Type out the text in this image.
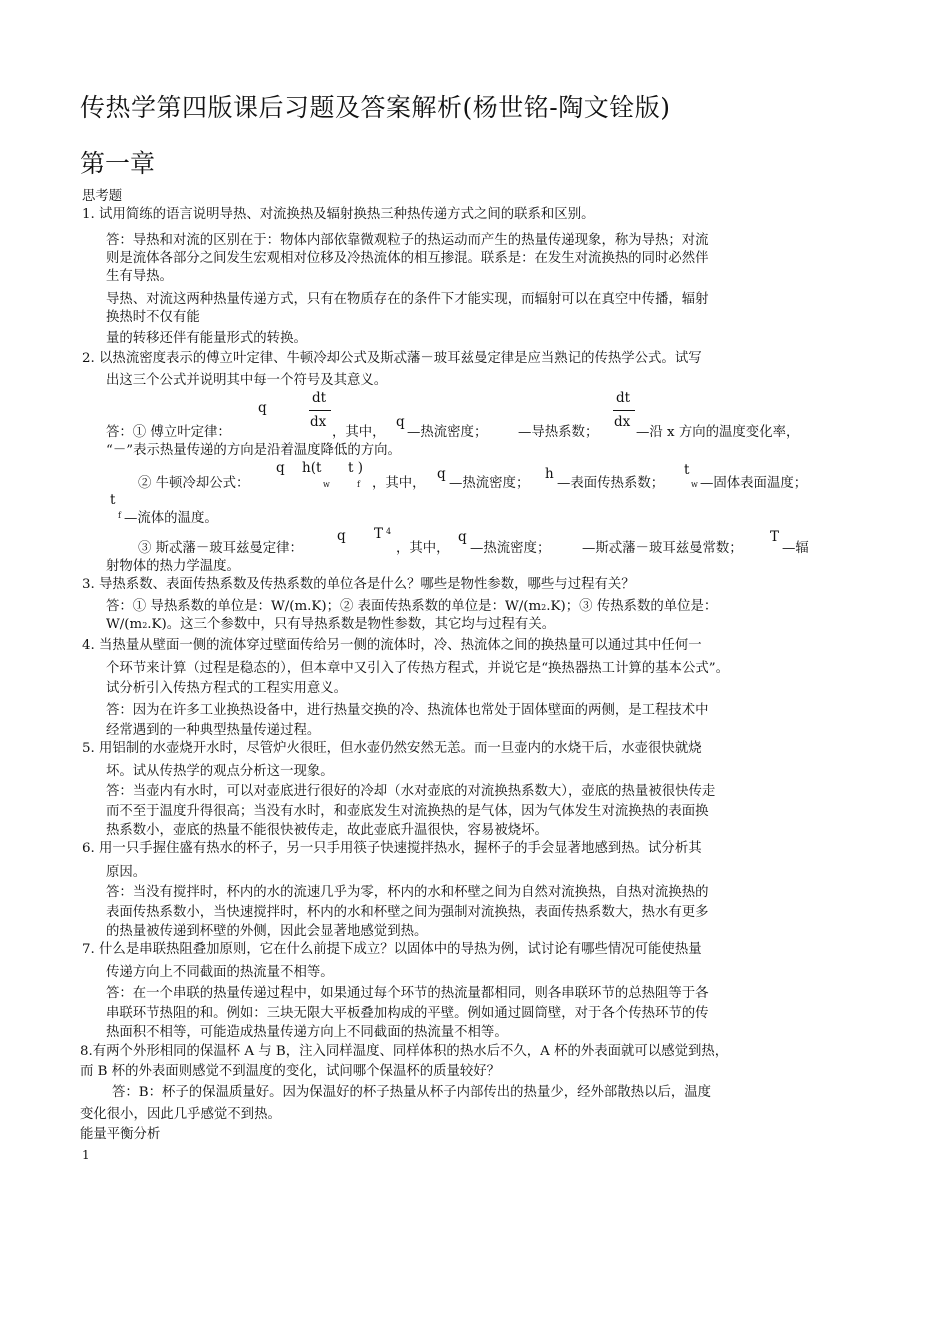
传热学第四版课后习题及答案解析(杨世铭-陶文铨版)
第一章
思考题
1. 试用简练的语言说明导热、对流换热及辐射换热三种热传递方式之间的联系和区别。
答：导热和对流的区别在于：物体内部依靠微观粒子的热运动而产生的热量传递现象，称为导热；对流
则是流体各部分之间发生宏观相对位移及冷热流体的相互掺混。联系是：在发生对流换热的同时必然伴
生有导热。
导热、对流这两种热量传递方式，只有在物质存在的条件下才能实现，而辐射可以在真空中传播，辐射
换热时不仅有能
量的转移还伴有能量形式的转换。
2. 以热流密度表示的傅立叶定律、牛顿冷却公式及斯忒藩－玻耳兹曼定律是应当熟记的传热学公式。试写
出这三个公式并说明其中每一个符号及其意义。
q
dt
dx
答：① 傅立叶定律：	，其中，
q
—热流密度； —导热系数；
dt
dx
—沿 x 方向的温度变化率，
“－”表示热量传递的方向是沿着温度降低的方向。
q h(t t )
w	f
② 牛顿冷却公式：	，其中，
q
—热流密度；
h
—表面传热系数；
t
w —固体表面温度；
t
f —流体的温度。
q T 4
③ 斯忒藩－玻耳兹曼定律：	，其中，
q
—热流密度； —斯忒藩－玻耳兹曼常数；
T
—辐
射物体的热力学温度。
3. 导热系数、表面传热系数及传热系数的单位各是什么？哪些是物性参数，哪些与过程有关？
答：① 导热系数的单位是：W/(m.K)；② 表面传热系数的单位是：W/(m2.K)；③ 传热系数的单位是：
W/(m2.K)。这三个参数中，只有导热系数是物性参数，其它均与过程有关。
4. 当热量从壁面一侧的流体穿过壁面传给另一侧的流体时，冷、热流体之间的换热量可以通过其中任何一
个环节来计算（过程是稳态的），但本章中又引入了传热方程式，并说它是“换热器热工计算的基本公式”。
试分析引入传热方程式的工程实用意义。
答：因为在许多工业换热设备中，进行热量交换的冷、热流体也常处于固体壁面的两侧，是工程技术中
经常遇到的一种典型热量传递过程。
5. 用铝制的水壶烧开水时，尽管炉火很旺，但水壶仍然安然无恙。而一旦壶内的水烧干后，水壶很快就烧
坏。试从传热学的观点分析这一现象。
答：当壶内有水时，可以对壶底进行很好的冷却（水对壶底的对流换热系数大），壶底的热量被很快传走
而不至于温度升得很高；当没有水时，和壶底发生对流换热的是气体，因为气体发生对流换热的表面换
热系数小，壶底的热量不能很快被传走，故此壶底升温很快，容易被烧坏。
6. 用一只手握住盛有热水的杯子，另一只手用筷子快速搅拌热水，握杯子的手会显著地感到热。试分析其
原因。
答：当没有搅拌时，杯内的水的流速几乎为零，杯内的水和杯壁之间为自然对流换热，自热对流换热的
表面传热系数小，当快速搅拌时，杯内的水和杯壁之间为强制对流换热，表面传热系数大，热水有更多
的热量被传递到杯壁的外侧，因此会显著地感觉到热。
7. 什么是串联热阻叠加原则，它在什么前提下成立？以固体中的导热为例，试讨论有哪些情况可能使热量
传递方向上不同截面的热流量不相等。
答：在一个串联的热量传递过程中，如果通过每个环节的热流量都相同，则各串联环节的总热阻等于各
串联环节热阻的和。例如：三块无限大平板叠加构成的平壁。例如通过圆筒壁，对于各个传热环节的传
热面积不相等，可能造成热量传递方向上不同截面的热流量不相等。
8.有两个外形相同的保温杯 A 与 B，注入同样温度、同样体积的热水后不久，A 杯的外表面就可以感觉到热，
而 B 杯的外表面则感觉不到温度的变化，试问哪个保温杯的质量较好？
答：B：杯子的保温质量好。因为保温好的杯子热量从杯子内部传出的热量少，经外部散热以后，温度
变化很小，因此几乎感觉不到热。
能量平衡分析
1
